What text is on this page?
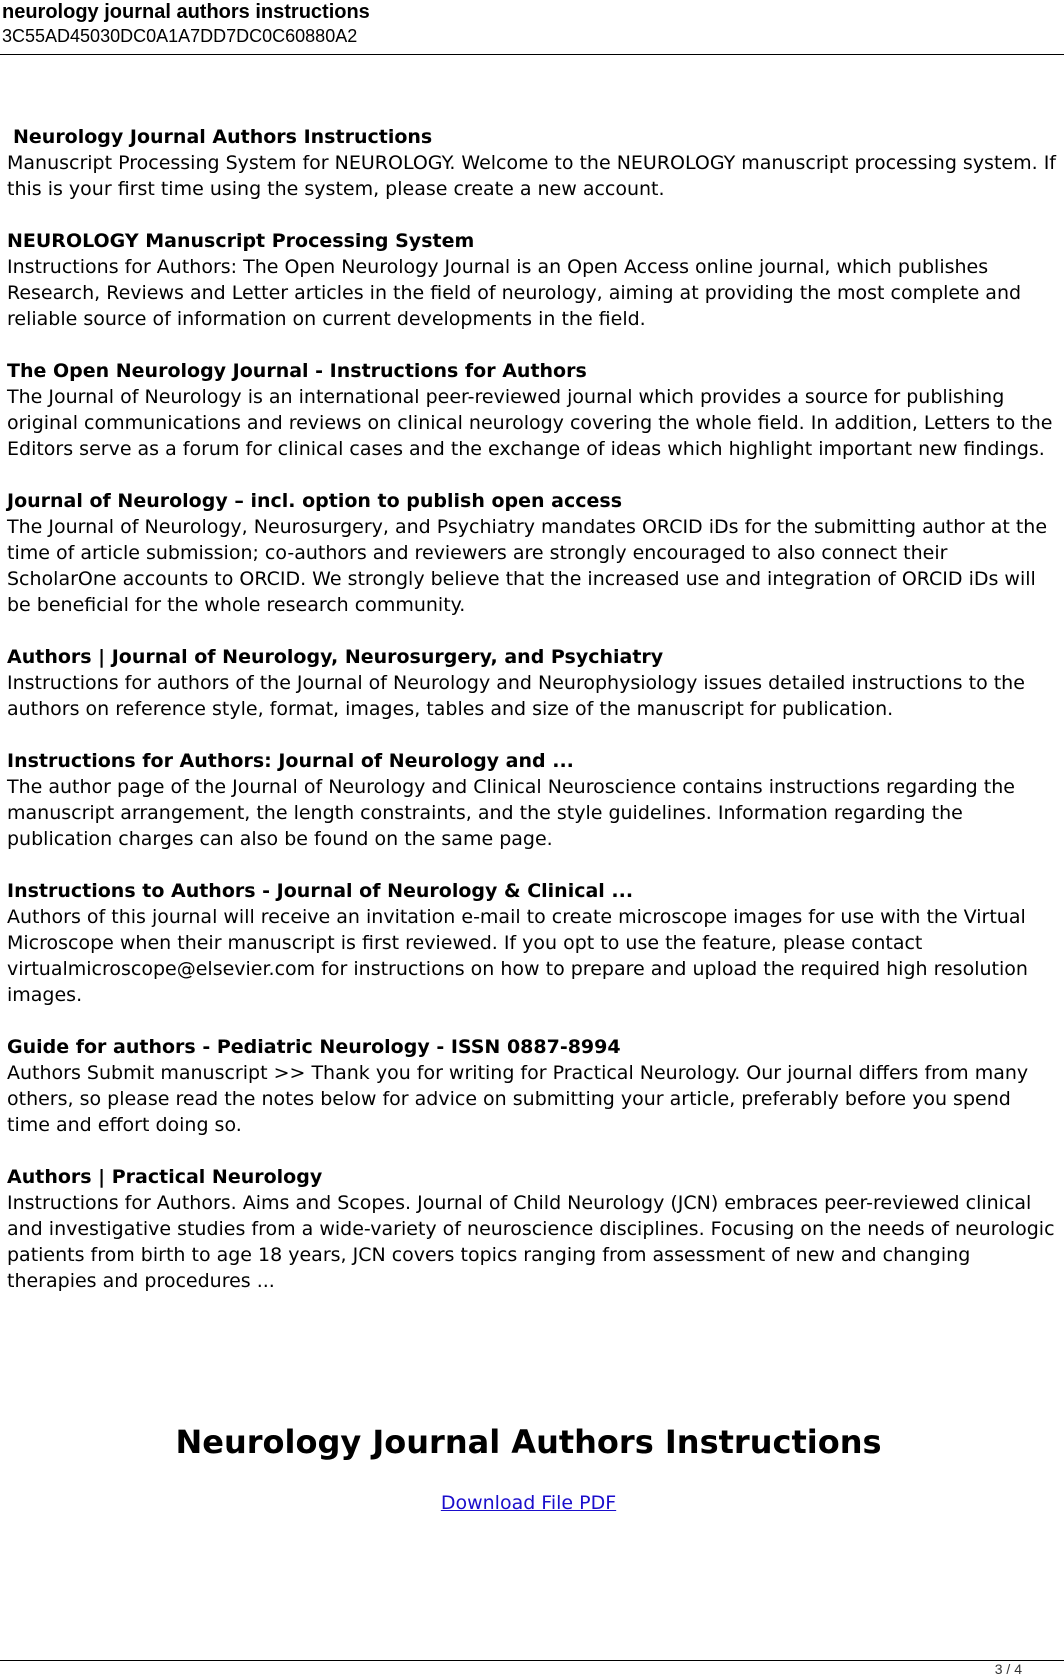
neurology journal authors instructions
3C55AD45030DC0A1A7DD7DC0C60880A2
Neurology Journal Authors Instructions
Manuscript Processing System for NEUROLOGY. Welcome to the NEUROLOGY manuscript processing system. If this is your first time using the system, please create a new account.
NEUROLOGY Manuscript Processing System
Instructions for Authors: The Open Neurology Journal is an Open Access online journal, which publishes Research, Reviews and Letter articles in the field of neurology, aiming at providing the most complete and reliable source of information on current developments in the field.
The Open Neurology Journal - Instructions for Authors
The Journal of Neurology is an international peer-reviewed journal which provides a source for publishing original communications and reviews on clinical neurology covering the whole field. In addition, Letters to the Editors serve as a forum for clinical cases and the exchange of ideas which highlight important new findings.
Journal of Neurology – incl. option to publish open access
The Journal of Neurology, Neurosurgery, and Psychiatry mandates ORCID iDs for the submitting author at the time of article submission; co-authors and reviewers are strongly encouraged to also connect their ScholarOne accounts to ORCID. We strongly believe that the increased use and integration of ORCID iDs will be beneficial for the whole research community.
Authors | Journal of Neurology, Neurosurgery, and Psychiatry
Instructions for authors of the Journal of Neurology and Neurophysiology issues detailed instructions to the authors on reference style, format, images, tables and size of the manuscript for publication.
Instructions for Authors: Journal of Neurology and ...
The author page of the Journal of Neurology and Clinical Neuroscience contains instructions regarding the manuscript arrangement, the length constraints, and the style guidelines. Information regarding the publication charges can also be found on the same page.
Instructions to Authors - Journal of Neurology & Clinical ...
Authors of this journal will receive an invitation e-mail to create microscope images for use with the Virtual Microscope when their manuscript is first reviewed. If you opt to use the feature, please contact virtualmicroscope@elsevier.com for instructions on how to prepare and upload the required high resolution images.
Guide for authors - Pediatric Neurology - ISSN 0887-8994
Authors Submit manuscript >> Thank you for writing for Practical Neurology. Our journal differs from many others, so please read the notes below for advice on submitting your article, preferably before you spend time and effort doing so.
Authors | Practical Neurology
Instructions for Authors. Aims and Scopes. Journal of Child Neurology (JCN) embraces peer-reviewed clinical and investigative studies from a wide-variety of neuroscience disciplines. Focusing on the needs of neurologic patients from birth to age 18 years, JCN covers topics ranging from assessment of new and changing therapies and procedures ...
Neurology Journal Authors Instructions
Download File PDF
3 / 4
